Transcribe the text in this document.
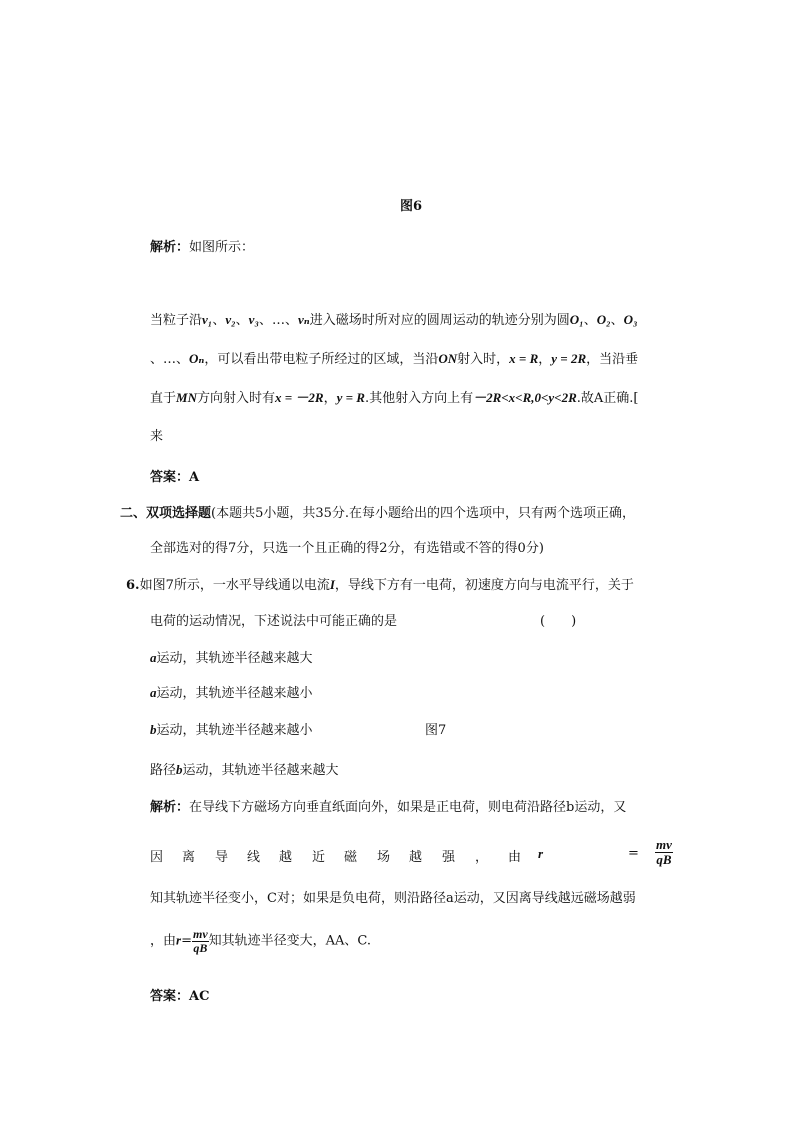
图6
解析：如图所示：
当粒子沿v₁、v₂、v₃、…、vₙ进入磁场时所对应的圆周运动的轨迹分别为圆O₁、O₂、O₃
、…、Oₙ，可以看出带电粒子所经过的区域，当沿ON射入时，x = R，y = 2R，当沿垂
直于MN方向射入时有x = －2R，y = R.其他射入方向上有－2R<x<R,0<y<2R.故A正确.[
来
答案：A
二、双项选择题(本题共5小题，共35分.在每小题给出的四个选项中，只有两个选项正确，
全部选对的得7分，只选一个且正确的得2分，有选错或不答的得0分)
6.如图7所示，一水平导线通以电流I，导线下方有一电荷，初速度方向与电流平行，关于
电荷的运动情况，下述说法中可能正确的是	(　　)
a运动，其轨迹半径越来越大
a运动，其轨迹半径越来越小
b运动，其轨迹半径越来越小	图7
路径b运动，其轨迹半径越来越大
解析：在导线下方磁场方向垂直纸面向外，如果是正电荷，则电荷沿路径b运动，又
因 离 导 线 越 近 磁 场 越 强 ， 由 r	= $\frac{mv}{qB}$
知其轨迹半径变小，C对；如果是负电荷，则沿路径a运动，又因离导线越远磁场越弱
，由$r= \frac{mv}{qB}$ 知其轨迹半径变大，AA、C.
答案：AC
